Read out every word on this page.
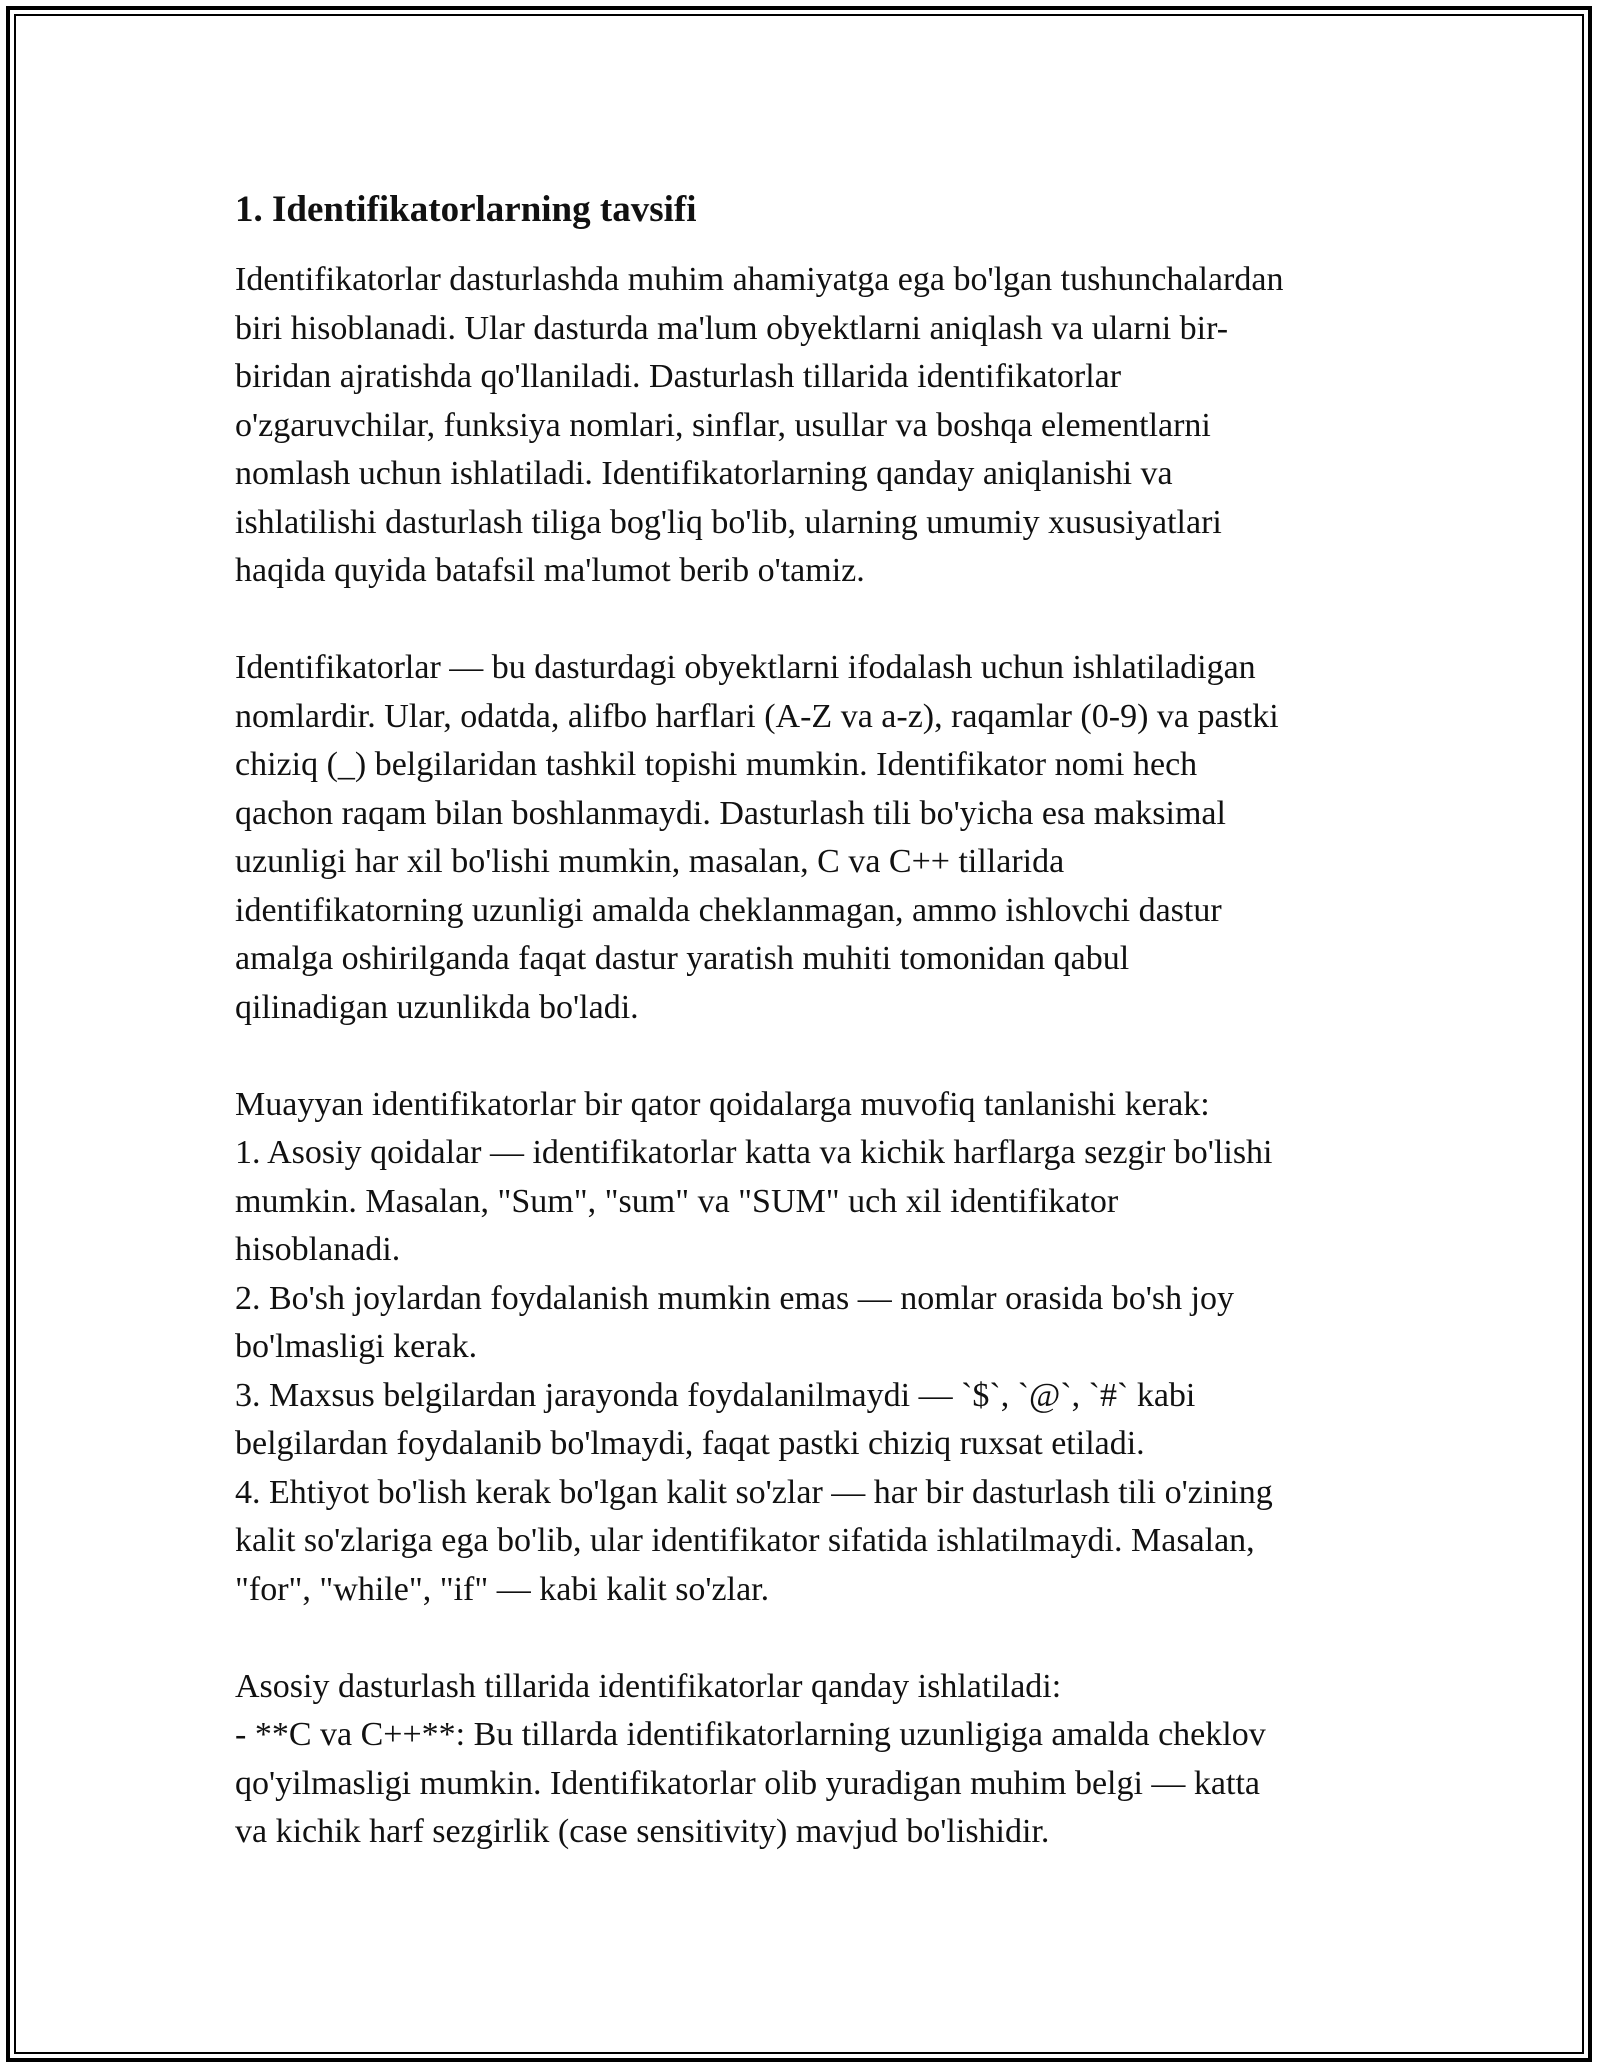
1. Identifikatorlarning tavsifi

Identifikatorlar dasturlashda muhim ahamiyatga ega bo'lgan tushunchalardan
biri hisoblanadi. Ular dasturda ma'lum obyektlarni aniqlash va ularni bir-
biridan ajratishda qo'llaniladi. Dasturlash tillarida identifikatorlar
o'zgaruvchilar, funksiya nomlari, sinflar, usullar va boshqa elementlarni
nomlash uchun ishlatiladi. Identifikatorlarning qanday aniqlanishi va
ishlatilishi dasturlash tiliga bog'liq bo'lib, ularning umumiy xususiyatlari
haqida quyida batafsil ma'lumot berib o'tamiz.

Identifikatorlar — bu dasturdagi obyektlarni ifodalash uchun ishlatiladigan
nomlardir. Ular, odatda, alifbo harflari (A-Z va a-z), raqamlar (0-9) va pastki
chiziq (_) belgilaridan tashkil topishi mumkin. Identifikator nomi hech
qachon raqam bilan boshlanmaydi. Dasturlash tili bo'yicha esa maksimal
uzunligi har xil bo'lishi mumkin, masalan, C va C++ tillarida
identifikatorning uzunligi amalda cheklanmagan, ammo ishlovchi dastur
amalga oshirilganda faqat dastur yaratish muhiti tomonidan qabul
qilinadigan uzunlikda bo'ladi.

Muayyan identifikatorlar bir qator qoidalarga muvofiq tanlanishi kerak:
1. Asosiy qoidalar — identifikatorlar katta va kichik harflarga sezgir bo'lishi
mumkin. Masalan, "Sum", "sum" va "SUM" uch xil identifikator
hisoblanadi.
2. Bo'sh joylardan foydalanish mumkin emas — nomlar orasida bo'sh joy
bo'lmasligi kerak.
3. Maxsus belgilardan jarayonda foydalanilmaydi — `$`, `@`, `#` kabi
belgilardan foydalanib bo'lmaydi, faqat pastki chiziq ruxsat etiladi.
4. Ehtiyot bo'lish kerak bo'lgan kalit so'zlar — har bir dasturlash tili o'zining
kalit so'zlariga ega bo'lib, ular identifikator sifatida ishlatilmaydi. Masalan,
"for", "while", "if" — kabi kalit so'zlar.

Asosiy dasturlash tillarida identifikatorlar qanday ishlatiladi:
- **C va C++**: Bu tillarda identifikatorlarning uzunligiga amalda cheklov
qo'yilmasligi mumkin. Identifikatorlar olib yuradigan muhim belgi — katta
va kichik harf sezgirlik (case sensitivity) mavjud bo'lishidir.
